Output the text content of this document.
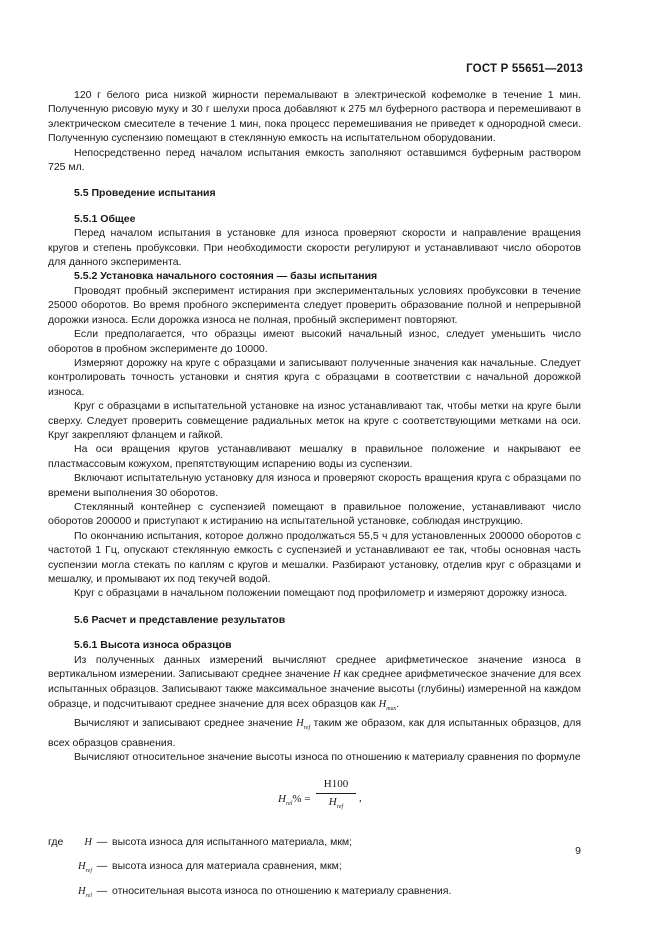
ГОСТ Р 55651—2013

120 г белого риса низкой жирности перемалывают в электрической кофемолке в течение 1 мин. Полученную рисовую муку и 30 г шелухи проса добавляют к 275 мл буферного раствора и перемешивают в электрическом смесителе в течение 1 мин, пока процесс перемешивания не приведет к однородной смеси. Полученную суспензию помещают в стеклянную емкость на испытательном оборудовании.

Непосредственно перед началом испытания емкость заполняют оставшимся буферным раствором 725 мл.

5.5 Проведение испытания

5.5.1 Общее

Перед началом испытания в установке для износа проверяют скорости и направление вращения кругов и степень пробуксовки. При необходимости скорости регулируют и устанавливают число оборотов для данного эксперимента.

5.5.2 Установка начального состояния — базы испытания

Проводят пробный эксперимент истирания при экспериментальных условиях пробуксовки в течение 25000 оборотов. Во время пробного эксперимента следует проверить образование полной и непрерывной дорожки износа. Если дорожка износа не полная, пробный эксперимент повторяют.

Если предполагается, что образцы имеют высокий начальный износ, следует уменьшить число оборотов в пробном эксперименте до 10000.

Измеряют дорожку на круге с образцами и записывают полученные значения как начальные. Следует контролировать точность установки и снятия круга с образцами в соответствии с начальной дорожкой износа.

Круг с образцами в испытательной установке на износ устанавливают так, чтобы метки на круге были сверху. Следует проверить совмещение радиальных меток на круге с соответствующими метками на оси. Круг закрепляют фланцем и гайкой.

На оси вращения кругов устанавливают мешалку в правильное положение и накрывают ее пластмассовым кожухом, препятствующим испарению воды из суспензии.

Включают испытательную установку для износа и проверяют скорость вращения круга с образцами по времени выполнения 30 оборотов.

Стеклянный контейнер с суспензией помещают в правильное положение, устанавливают число оборотов 200000 и приступают к истиранию на испытательной установке, соблюдая инструкцию.

По окончанию испытания, которое должно продолжаться 55,5 ч для установленных 200000 оборотов с частотой 1 Гц, опускают стеклянную емкость с суспензией и устанавливают ее так, чтобы основная часть суспензии могла стекать по каплям с кругов и мешалки. Разбирают установку, отделив круг с образцами и мешалку, и промывают их под текучей водой.

Круг с образцами в начальном положении помещают под профилометр и измеряют дорожку износа.

5.6 Расчет и представление результатов

5.6.1 Высота износа образцов

Из полученных данных измерений вычисляют среднее арифметическое значение износа в вертикальном измерении. Записывают среднее значение H как среднее арифметическое значение для всех испытанных образцов. Записывают также максимальное значение высоты (глубины) измеренной на каждом образце, и подсчитывают среднее значение для всех образцов как $H_{max}$.

Вычисляют и записывают среднее значение $H_{ref}$ таким же образом, как для испытанных образцов, для всех образцов сравнения.

Вычисляют относительное значение высоты износа по отношению к материалу сравнения по формуле

$H_{rel}\%$ =
H100
$H_{ref}$
,
где	H — высота износа для испытанного материала, мкм;
$H_{ref}$ — высота износа для материала сравнения, мкм;
$H_{rel}$ — относительная высота износа по отношению к материалу сравнения.
9
